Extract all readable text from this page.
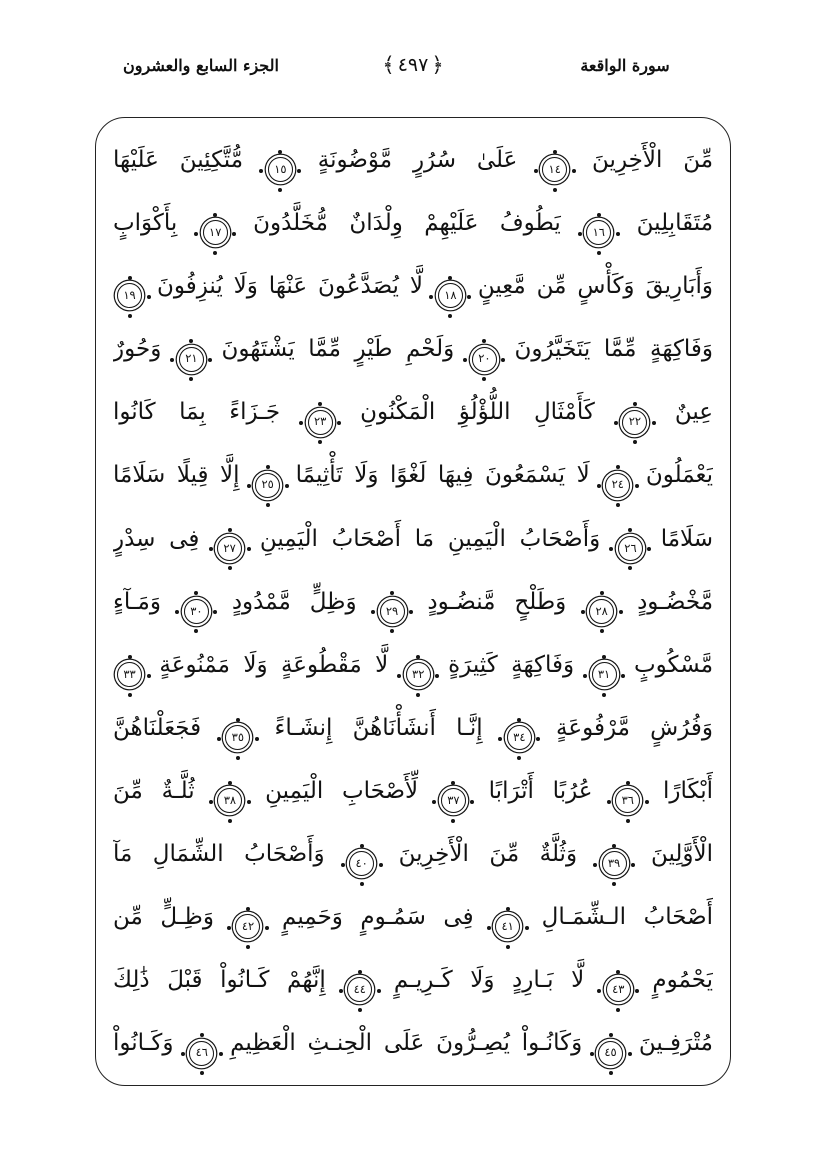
سورة الواقعة
﴿
٤٩٧
﴾
الجزء السابع والعشرون
مِّنَ الْأَخِرِينَ ١٤ عَلَىٰ سُرُرٍ مَّوْضُونَةٍ ١٥ مُّتَّكِئِينَ عَلَيْهَا
مُتَقَابِلِينَ ١٦ يَطُوفُ عَلَيْهِمْ وِلْدَانٌ مُّخَلَّدُونَ ١٧ بِأَكْوَابٍ
وَأَبَارِيقَ وَكَأْسٍ مِّن مَّعِينٍ ١٨ لَّا يُصَدَّعُونَ عَنْهَا وَلَا يُنزِفُونَ ١٩
وَفَاكِهَةٍ مِّمَّا يَتَخَيَّرُونَ ٢٠ وَلَحْمِ طَيْرٍ مِّمَّا يَشْتَهُونَ ٢١ وَحُورٌ
عِينٌ ٢٢ كَأَمْثَالِ اللُّؤْلُؤِ الْمَكْنُونِ ٢٣ جَـزَاءً بِمَا كَانُوا
يَعْمَلُونَ ٢٤ لَا يَسْمَعُونَ فِيهَا لَغْوًا وَلَا تَأْثِيمًا ٢٥ إِلَّا قِيلًا سَلَامًا
سَلَامًا ٢٦ وَأَصْحَابُ الْيَمِينِ مَا أَصْحَابُ الْيَمِينِ ٢٧ فِى سِدْرٍ
مَّخْضُـودٍ ٢٨ وَطَلْحٍ مَّنضُـودٍ ٢٩ وَظِلٍّ مَّمْدُودٍ ٣٠ وَمَـآءٍ
مَّسْكُوبٍ ٣١ وَفَاكِهَةٍ كَثِيرَةٍ ٣٢ لَّا مَقْطُوعَةٍ وَلَا مَمْنُوعَةٍ ٣٣
وَفُرُشٍ مَّرْفُوعَةٍ ٣٤ إِنَّـا أَنشَأْنَاهُنَّ إِنشَـاءً ٣٥ فَجَعَلْنَاهُنَّ
أَبْكَارًا ٣٦ عُرُبًا أَتْرَابًا ٣٧ لِّأَصْحَابِ الْيَمِينِ ٣٨ ثُلَّـةٌ مِّنَ
الْأَوَّلِينَ ٣٩ وَثُلَّةٌ مِّنَ الْأَخِرِينَ ٤٠ وَأَصْحَابُ الشِّمَالِ مَآ
أَصْحَابُ الـشِّمَـالِ ٤١ فِى سَمُـومٍ وَحَمِيمٍ ٤٢ وَظِـلٍّ مِّن
يَحْمُومٍ ٤٣ لَّا بَـارِدٍ وَلَا كَـرِيـمٍ ٤٤ إِنَّهُمْ كَـانُواْ قَبْلَ ذَٰلِكَ
مُتْرَفِـينَ ٤٥ وَكَانُـواْ يُصِـرُّونَ عَلَى الْحِنـثِ الْعَظِيمِ ٤٦ وَكَـانُواْ
